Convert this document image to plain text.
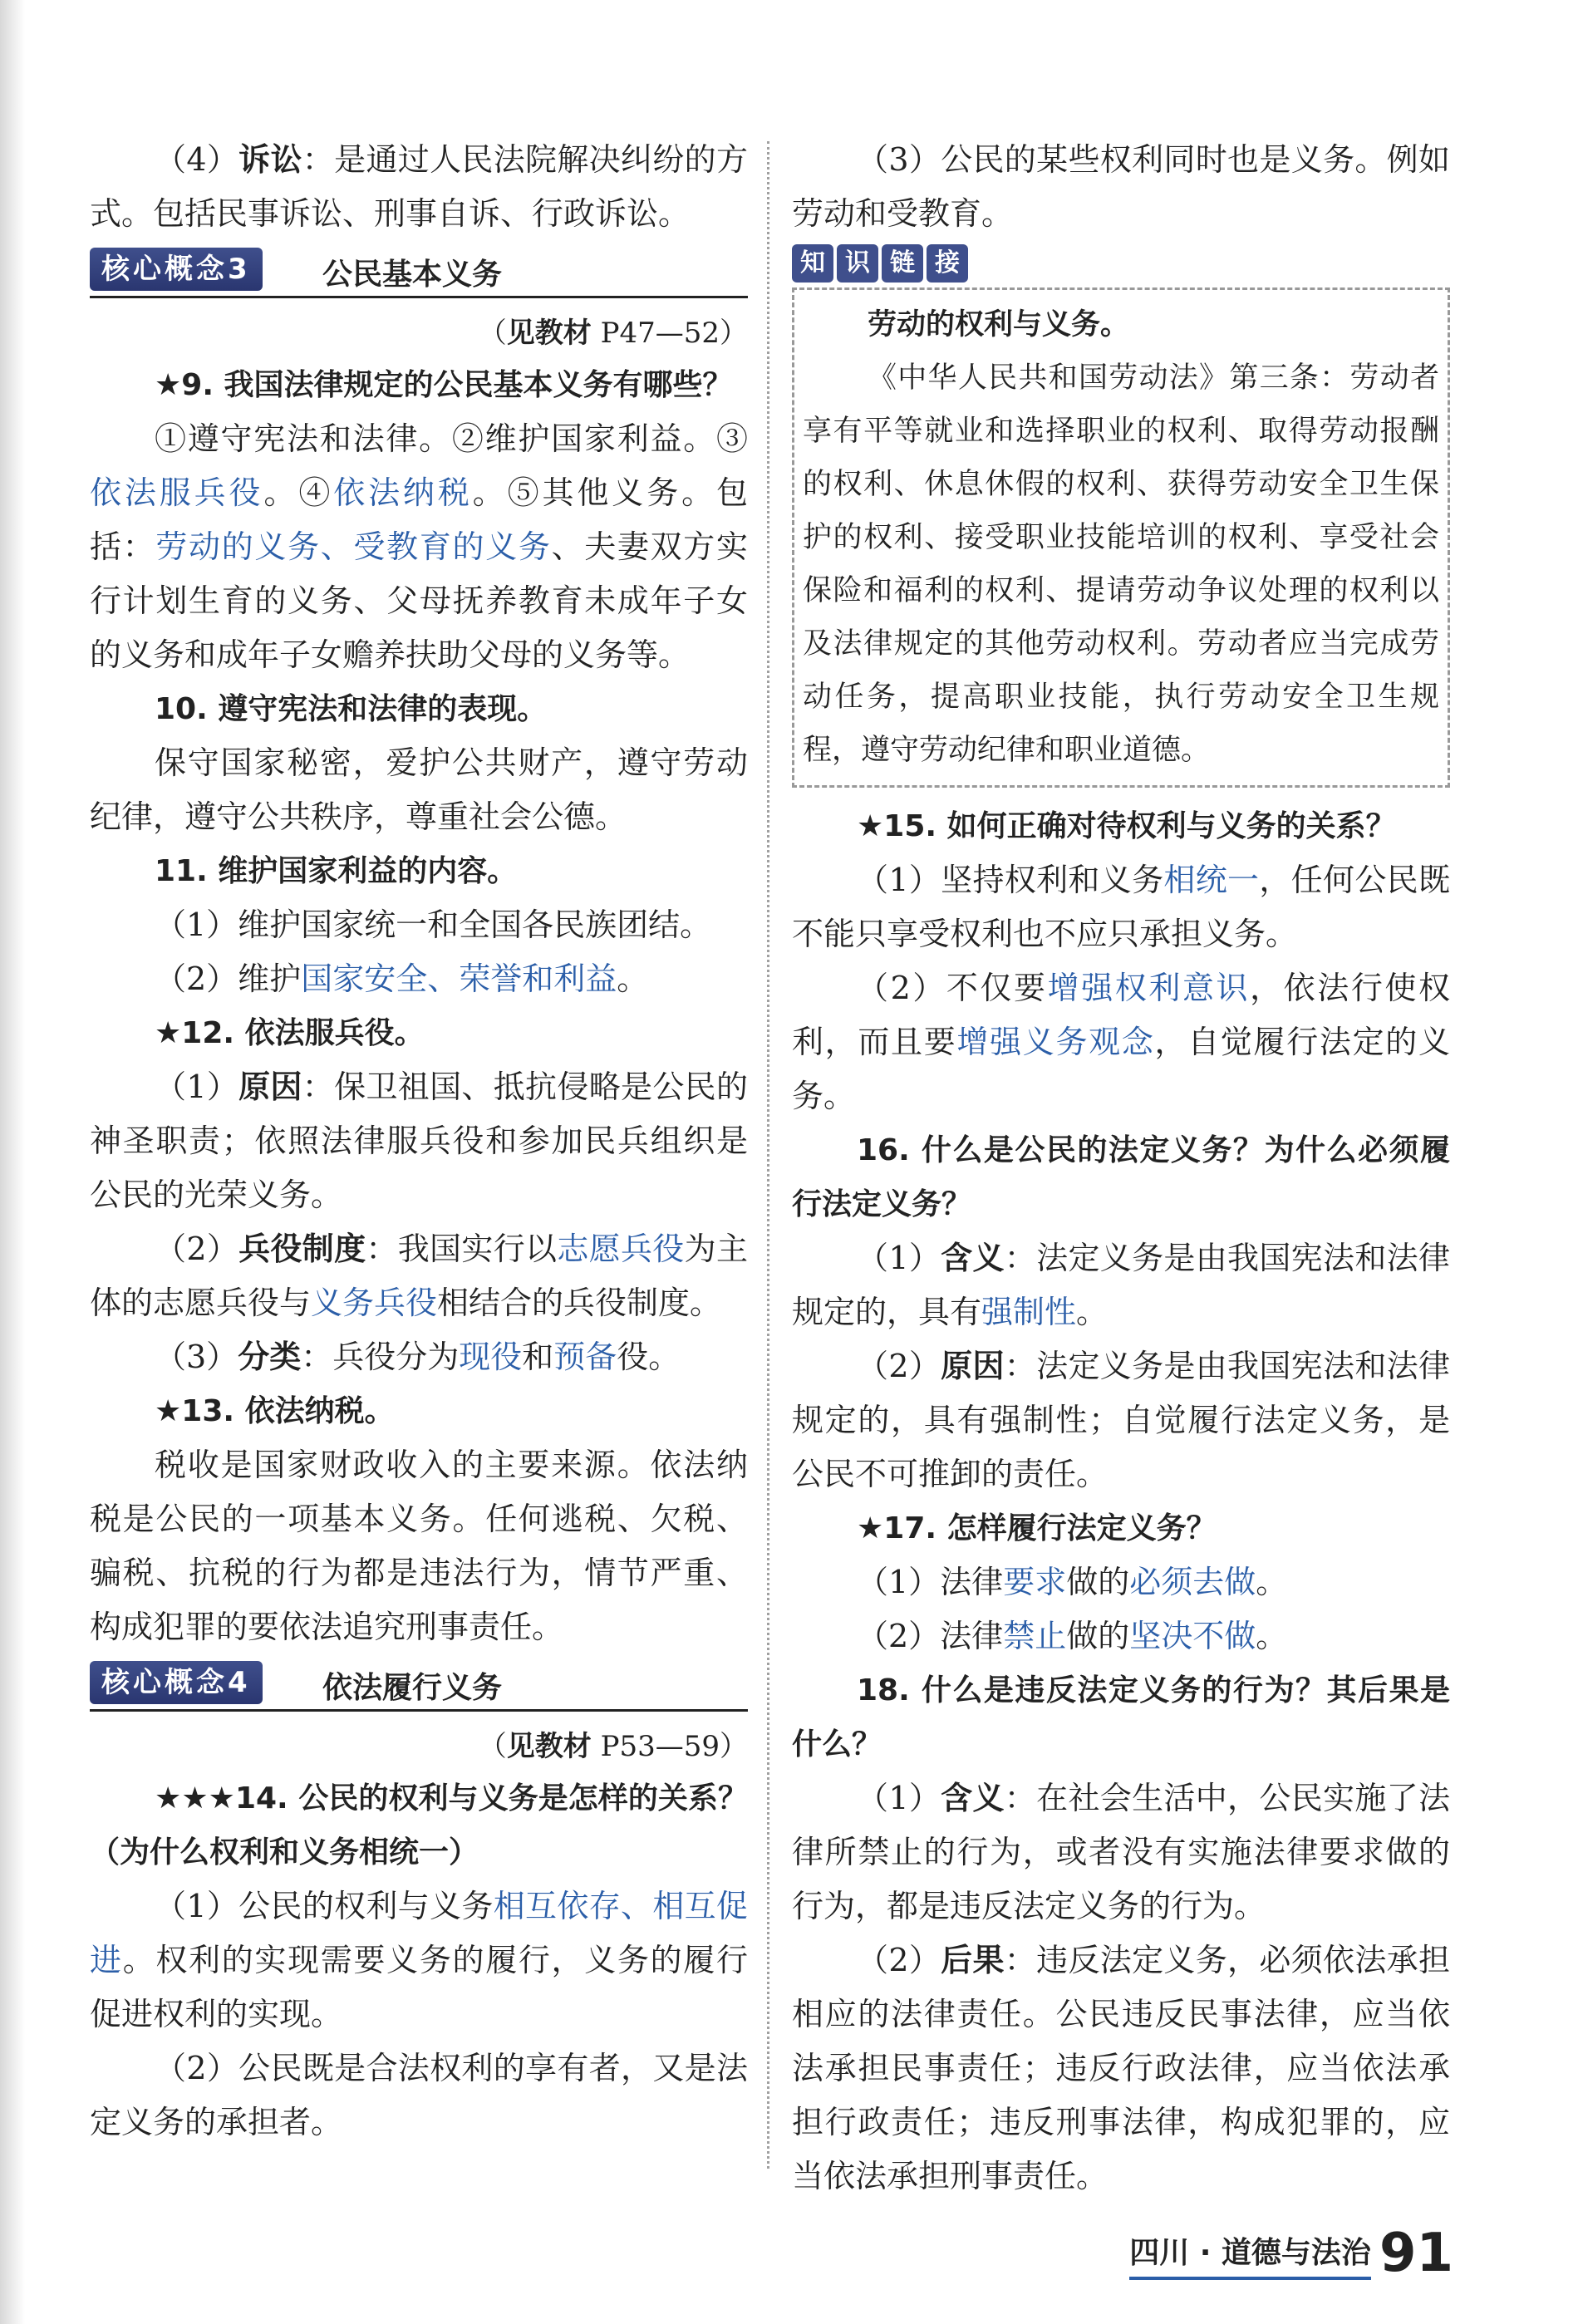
（4）诉讼：是通过人民法院解决纠纷的方式。包括民事诉讼、刑事自诉、行政诉讼。

核心概念3	公民基本义务

（见教材 P47—52）

★9. 我国法律规定的公民基本义务有哪些？

①遵守宪法和法律。②维护国家利益。③依法服兵役。④依法纳税。⑤其他义务。包括：劳动的义务、受教育的义务、夫妻双方实行计划生育的义务、父母抚养教育未成年子女的义务和成年子女赡养扶助父母的义务等。

10. 遵守宪法和法律的表现。

保守国家秘密，爱护公共财产，遵守劳动纪律，遵守公共秩序，尊重社会公德。

11. 维护国家利益的内容。

（1）维护国家统一和全国各民族团结。

（2）维护国家安全、荣誉和利益。

★12. 依法服兵役。

（1）原因：保卫祖国、抵抗侵略是公民的神圣职责；依照法律服兵役和参加民兵组织是公民的光荣义务。

（2）兵役制度：我国实行以志愿兵役为主体的志愿兵役与义务兵役相结合的兵役制度。

（3）分类：兵役分为现役和预备役。

★13. 依法纳税。

税收是国家财政收入的主要来源。依法纳税是公民的一项基本义务。任何逃税、欠税、骗税、抗税的行为都是违法行为，情节严重、构成犯罪的要依法追究刑事责任。

核心概念4	依法履行义务

（见教材 P53—59）

★★★14. 公民的权利与义务是怎样的关系？（为什么权利和义务相统一）

（1）公民的权利与义务相互依存、相互促进。权利的实现需要义务的履行，义务的履行促进权利的实现。

（2）公民既是合法权利的享有者，又是法定义务的承担者。

（3）公民的某些权利同时也是义务。例如劳动和受教育。

知 识 链 接

劳动的权利与义务。

《中华人民共和国劳动法》第三条：劳动者享有平等就业和选择职业的权利、取得劳动报酬的权利、休息休假的权利、获得劳动安全卫生保护的权利、接受职业技能培训的权利、享受社会保险和福利的权利、提请劳动争议处理的权利以及法律规定的其他劳动权利。劳动者应当完成劳动任务，提高职业技能，执行劳动安全卫生规程，遵守劳动纪律和职业道德。

★15. 如何正确对待权利与义务的关系？

（1）坚持权利和义务相统一，任何公民既不能只享受权利也不应只承担义务。

（2）不仅要增强权利意识，依法行使权利，而且要增强义务观念，自觉履行法定的义务。

16. 什么是公民的法定义务？为什么必须履行法定义务？

（1）含义：法定义务是由我国宪法和法律规定的，具有强制性。

（2）原因：法定义务是由我国宪法和法律规定的，具有强制性；自觉履行法定义务，是公民不可推卸的责任。

★17. 怎样履行法定义务？

（1）法律要求做的必须去做。

（2）法律禁止做的坚决不做。

18. 什么是违反法定义务的行为？其后果是什么？

（1）含义：在社会生活中，公民实施了法律所禁止的行为，或者没有实施法律要求做的行为，都是违反法定义务的行为。

（2）后果：违反法定义务，必须依法承担相应的法律责任。公民违反民事法律，应当依法承担民事责任；违反行政法律，应当依法承担行政责任；违反刑事法律，构成犯罪的，应当依法承担刑事责任。

四川 · 道德与法治 91
